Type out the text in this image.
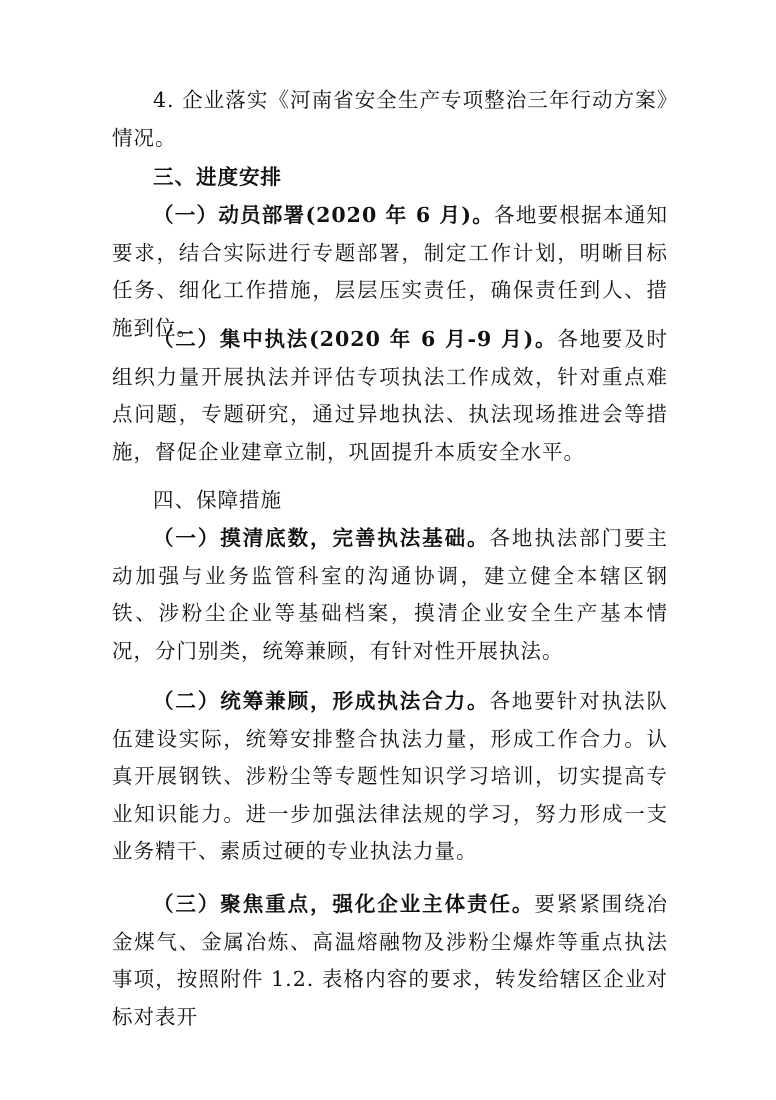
4. 企业落实《河南省安全生产专项整治三年行动方案》情况。

三、进度安排

（一）动员部署(2020 年 6 月)。各地要根据本通知要求，结合实际进行专题部署，制定工作计划，明晰目标任务、细化工作措施，层层压实责任，确保责任到人、措施到位。

（二）集中执法(2020 年 6 月-9 月)。各地要及时组织力量开展执法并评估专项执法工作成效，针对重点难点问题，专题研究，通过异地执法、执法现场推进会等措施，督促企业建章立制，巩固提升本质安全水平。

四、保障措施

（一）摸清底数，完善执法基础。各地执法部门要主动加强与业务监管科室的沟通协调，建立健全本辖区钢铁、涉粉尘企业等基础档案，摸清企业安全生产基本情况，分门别类，统筹兼顾，有针对性开展执法。

（二）统筹兼顾，形成执法合力。各地要针对执法队伍建设实际，统筹安排整合执法力量，形成工作合力。认真开展钢铁、涉粉尘等专题性知识学习培训，切实提高专业知识能力。进一步加强法律法规的学习，努力形成一支业务精干、素质过硬的专业执法力量。

（三）聚焦重点，强化企业主体责任。要紧紧围绕冶金煤气、金属冶炼、高温熔融物及涉粉尘爆炸等重点执法事项，按照附件 1.2. 表格内容的要求，转发给辖区企业对标对表开
